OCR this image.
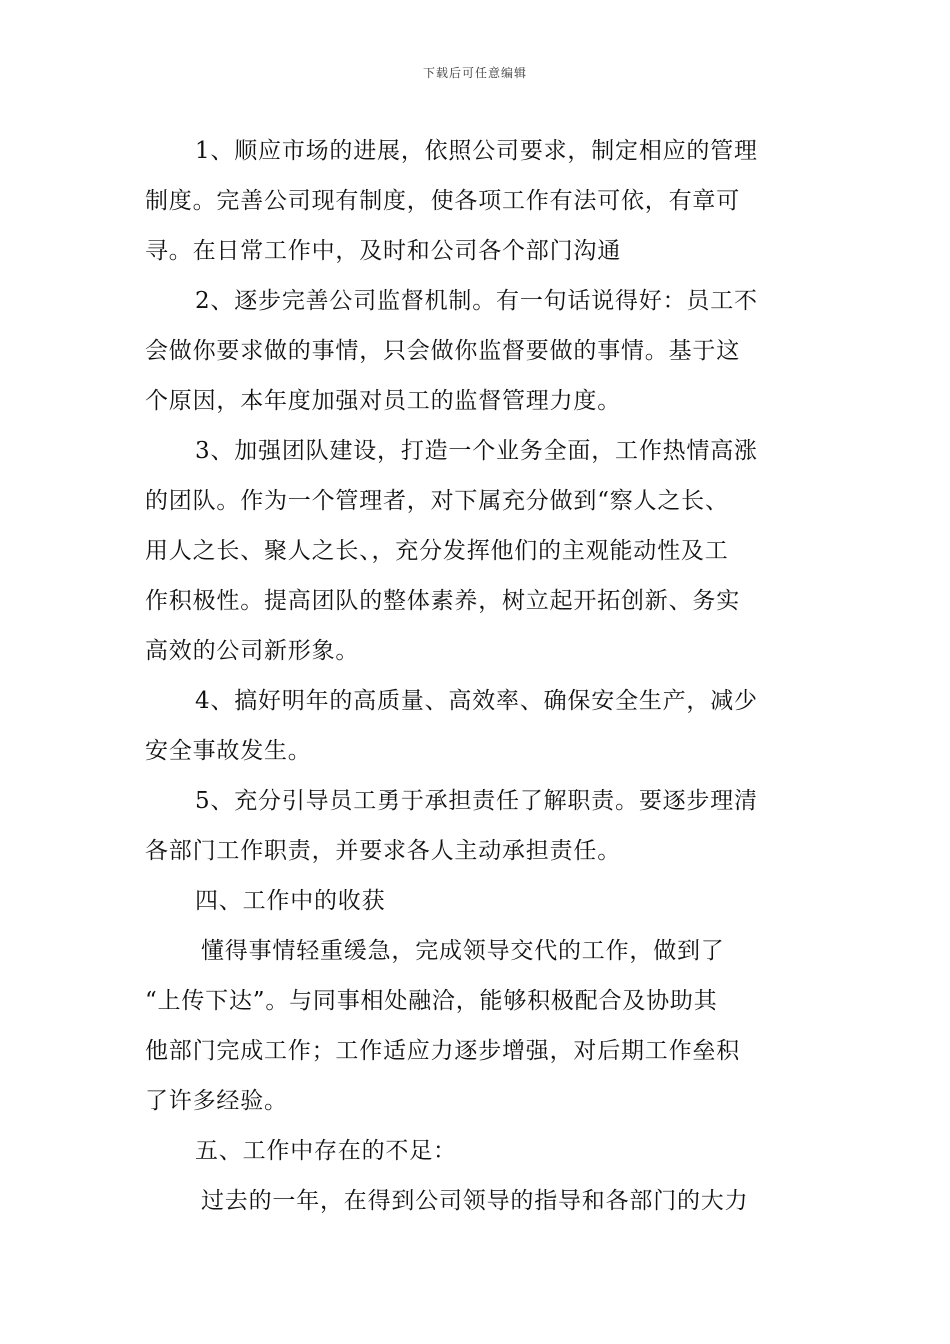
下载后可任意编辑
1、顺应市场的进展，依照公司要求，制定相应的管理
制度。完善公司现有制度，使各项工作有法可依，有章可
寻。在日常工作中，及时和公司各个部门沟通
2、逐步完善公司监督机制。有一句话说得好：员工不
会做你要求做的事情，只会做你监督要做的事情。基于这
个原因，本年度加强对员工的监督管理力度。
3、加强团队建设，打造一个业务全面，工作热情高涨
的团队。作为一个管理者，对下属充分做到“察人之长、
用人之长、聚人之长、，充分发挥他们的主观能动性及工
作积极性。提高团队的整体素养，树立起开拓创新、务实
高效的公司新形象。
4、搞好明年的高质量、高效率、确保安全生产，减少
安全事故发生。
5、充分引导员工勇于承担责任了解职责。要逐步理清
各部门工作职责，并要求各人主动承担责任。
四、工作中的收获
懂得事情轻重缓急，完成领导交代的工作，做到了
“上传下达”。与同事相处融洽，能够积极配合及协助其
他部门完成工作；工作适应力逐步增强，对后期工作垒积
了许多经验。
五、工作中存在的不足：
过去的一年，在得到公司领导的指导和各部门的大力
